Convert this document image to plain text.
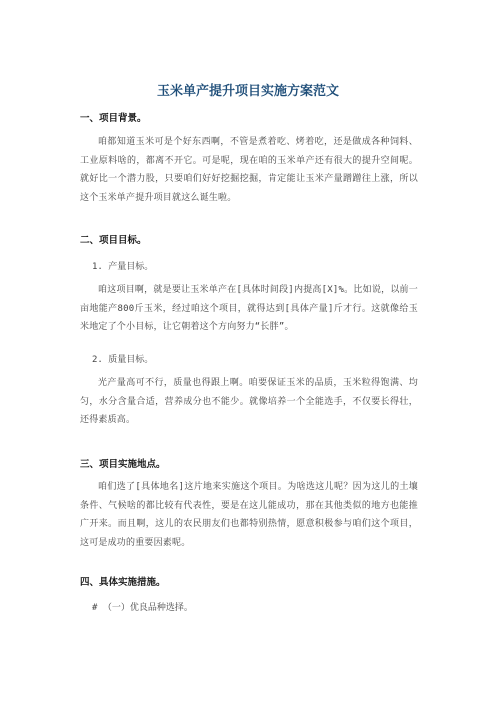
玉米单产提升项目实施方案范文
一、项目背景。

咱都知道玉米可是个好东西啊，不管是煮着吃、烤着吃，还是做成各种饲料、工业原料啥的，都离不开它。可是呢，现在咱的玉米单产还有很大的提升空间呢。就好比一个潜力股，只要咱们好好挖掘挖掘，肯定能让玉米产量蹭蹭往上涨，所以这个玉米单产提升项目就这么诞生啦。

二、项目目标。
1. 产量目标。

咱这项目啊，就是要让玉米单产在[具体时间段]内提高[X]%。比如说，以前一亩地能产800斤玉米，经过咱这个项目，就得达到[具体产量]斤才行。这就像给玉米地定了个小目标，让它朝着这个方向努力“长胖”。

2. 质量目标。

光产量高可不行，质量也得跟上啊。咱要保证玉米的品质，玉米粒得饱满、均匀，水分含量合适，营养成分也不能少。就像培养一个全能选手，不仅要长得壮，还得素质高。

三、项目实施地点。

咱们选了[具体地名]这片地来实施这个项目。为啥选这儿呢？因为这儿的土壤条件、气候啥的都比较有代表性，要是在这儿能成功，那在其他类似的地方也能推广开来。而且啊，这儿的农民朋友们也都特别热情，愿意积极参与咱们这个项目，这可是成功的重要因素呢。

四、具体实施措施。
# （一）优良品种选择。
